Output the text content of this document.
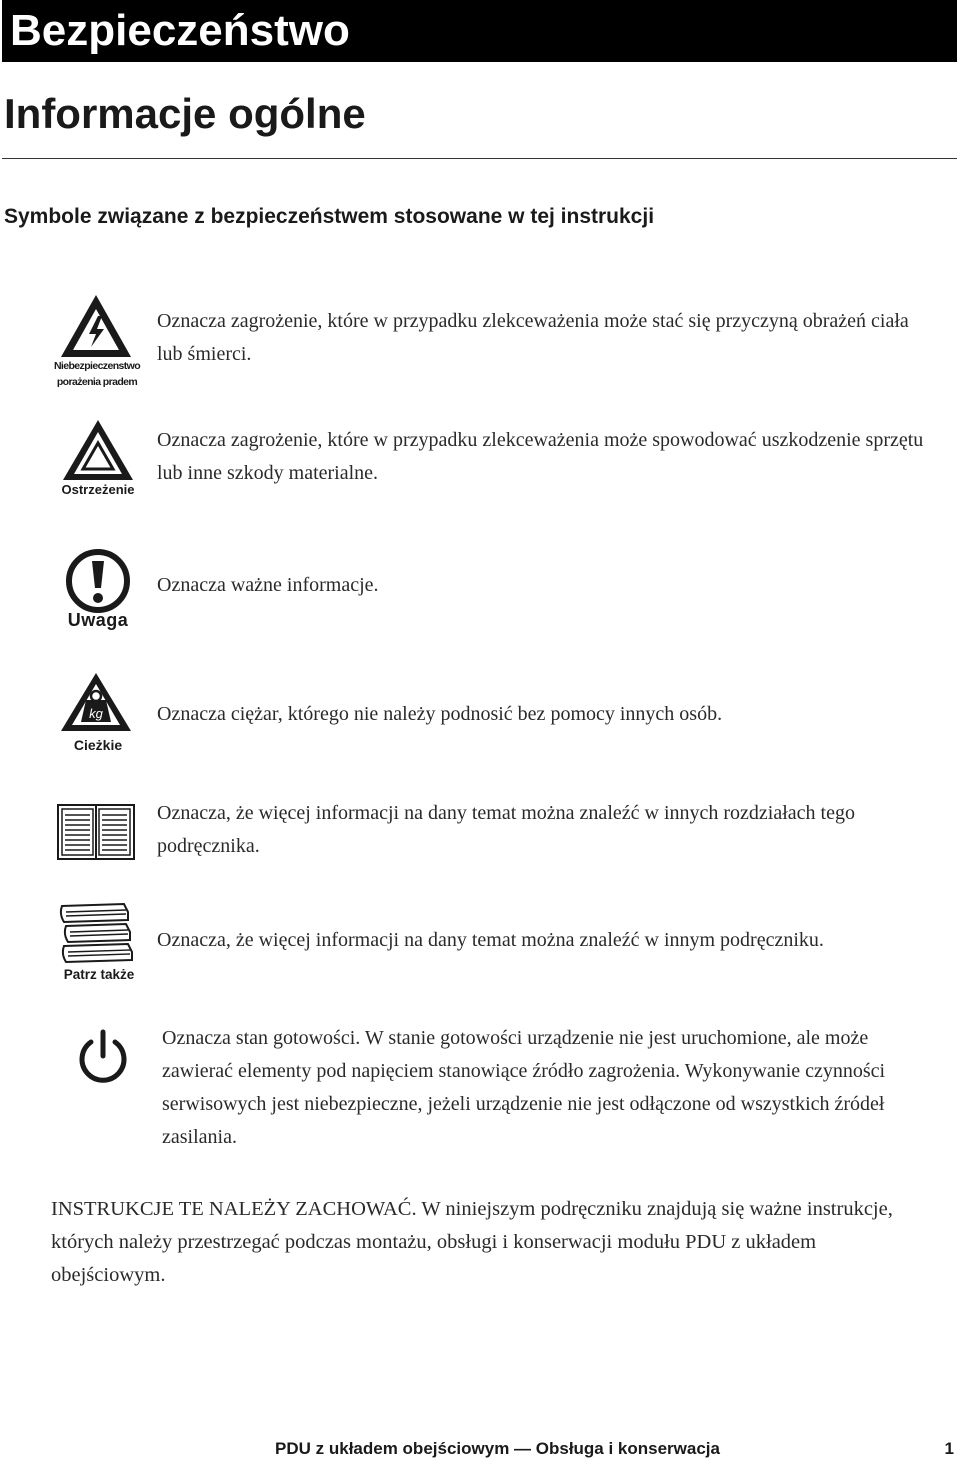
Bezpieczeństwo
Informacje ogólne
Symbole związane z bezpieczeństwem stosowane w tej instrukcji
Niebezpieczenstwo
porażenia pradem
Oznacza zagrożenie, które w przypadku zlekceważenia może stać się przyczyną obrażeń ciała lub śmierci.
Ostrzeżenie
Oznacza zagrożenie, które w przypadku zlekceważenia może spowodować uszkodzenie sprzętu lub inne szkody materialne.
Uwaga
Oznacza ważne informacje.
kg
Cieżkie
Oznacza ciężar, którego nie należy podnosić bez pomocy innych osób.
Oznacza, że więcej informacji na dany temat można znaleźć w innych rozdziałach tego podręcznika.
Patrz także
Oznacza, że więcej informacji na dany temat można znaleźć w innym podręczniku.
Oznacza stan gotowości. W stanie gotowości urządzenie nie jest uruchomione, ale może zawierać elementy pod napięciem stanowiące źródło zagrożenia. Wykonywanie czynności serwisowych jest niebezpieczne, jeżeli urządzenie nie jest odłączone od wszystkich źródeł zasilania.

INSTRUKCJE TE NALEŻY ZACHOWAĆ. W niniejszym podręczniku znajdują się ważne instrukcje, których należy przestrzegać podczas montażu, obsługi i konserwacji modułu PDU z układem obejściowym.

PDU z układem obejściowym — Obsługa i konserwacja	1
